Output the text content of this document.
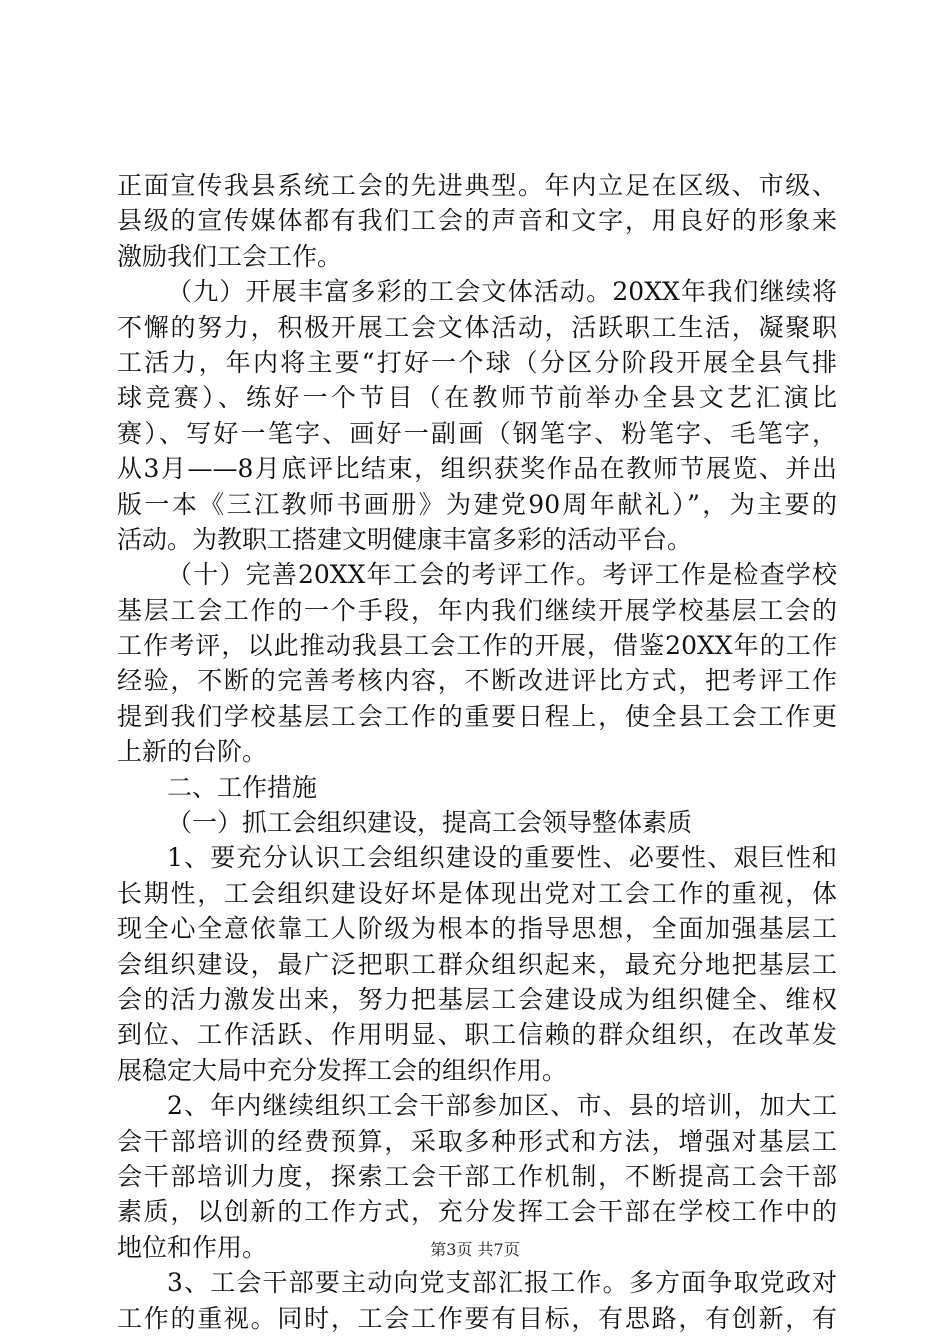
正面宣传我县系统工会的先进典型。年内立足在区级、市级、
县级的宣传媒体都有我们工会的声音和文字，用良好的形象来
激励我们工会工作。
（九）开展丰富多彩的工会文体活动。20XX年我们继续将
不懈的努力，积极开展工会文体活动，活跃职工生活，凝聚职
工活力，年内将主要“打好一个球（分区分阶段开展全县气排
球竞赛）、练好一个节目（在教师节前举办全县文艺汇演比
赛）、写好一笔字、画好一副画（钢笔字、粉笔字、毛笔字，
从3月——8月底评比结束，组织获奖作品在教师节展览、并出
版一本《三江教师书画册》为建党90周年献礼）”，为主要的
活动。为教职工搭建文明健康丰富多彩的活动平台。
（十）完善20XX年工会的考评工作。考评工作是检查学校
基层工会工作的一个手段，年内我们继续开展学校基层工会的
工作考评，以此推动我县工会工作的开展，借鉴20XX年的工作
经验，不断的完善考核内容，不断改进评比方式，把考评工作
提到我们学校基层工会工作的重要日程上，使全县工会工作更
上新的台阶。
二、工作措施
（一）抓工会组织建设，提高工会领导整体素质
1、要充分认识工会组织建设的重要性、必要性、艰巨性和
长期性，工会组织建设好坏是体现出党对工会工作的重视，体
现全心全意依靠工人阶级为根本的指导思想，全面加强基层工
会组织建设，最广泛把职工群众组织起来，最充分地把基层工
会的活力激发出来，努力把基层工会建设成为组织健全、维权
到位、工作活跃、作用明显、职工信赖的群众组织，在改革发
展稳定大局中充分发挥工会的组织作用。
2、年内继续组织工会干部参加区、市、县的培训，加大工
会干部培训的经费预算，采取多种形式和方法，增强对基层工
会干部培训力度，探索工会干部工作机制，不断提高工会干部
素质，以创新的工作方式，充分发挥工会干部在学校工作中的
地位和作用。
3、工会干部要主动向党支部汇报工作。多方面争取党政对
工作的重视。同时，工会工作要有目标，有思路，有创新，有
第3页 共7页
